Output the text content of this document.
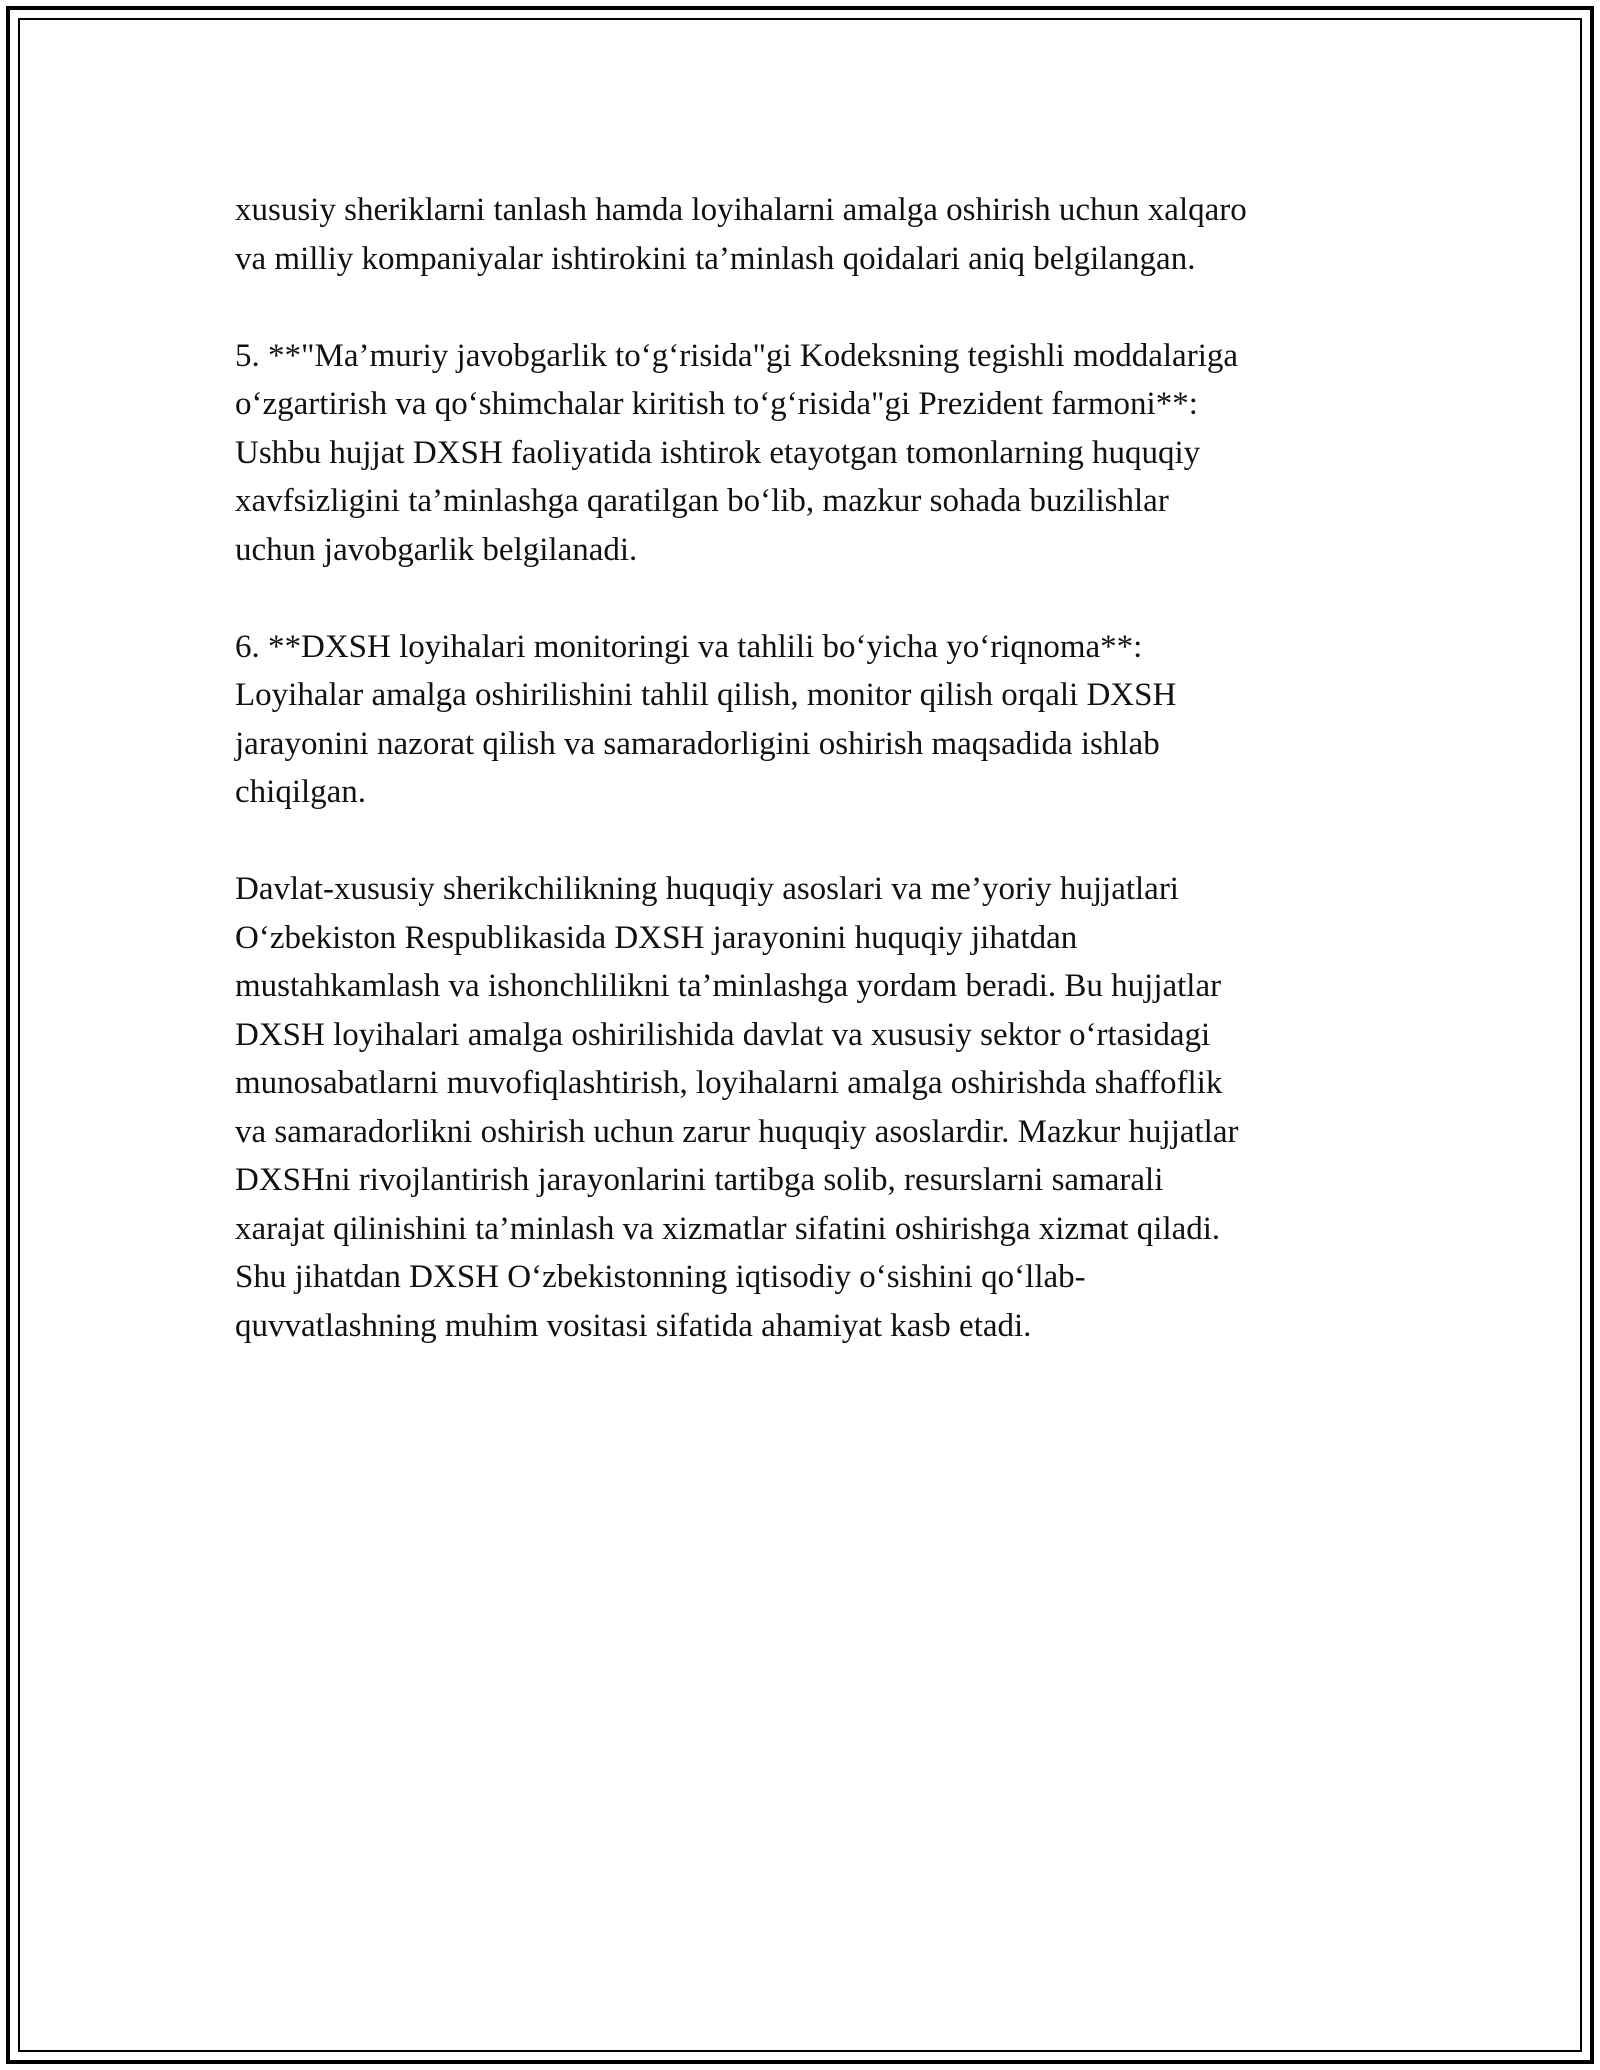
xususiy sheriklarni tanlash hamda loyihalarni amalga oshirish uchun xalqaro
va milliy kompaniyalar ishtirokini ta’minlash qoidalari aniq belgilangan.

5. **"Ma’muriy javobgarlik to‘g‘risida"gi Kodeksning tegishli moddalariga
o‘zgartirish va qo‘shimchalar kiritish to‘g‘risida"gi Prezident farmoni**:
Ushbu hujjat DXSH faoliyatida ishtirok etayotgan tomonlarning huquqiy
xavfsizligini ta’minlashga qaratilgan bo‘lib, mazkur sohada buzilishlar
uchun javobgarlik belgilanadi.

6. **DXSH loyihalari monitoringi va tahlili bo‘yicha yo‘riqnoma**:
Loyihalar amalga oshirilishini tahlil qilish, monitor qilish orqali DXSH
jarayonini nazorat qilish va samaradorligini oshirish maqsadida ishlab
chiqilgan.

Davlat-xususiy sherikchilikning huquqiy asoslari va me’yoriy hujjatlari
O‘zbekiston Respublikasida DXSH jarayonini huquqiy jihatdan
mustahkamlash va ishonchlilikni ta’minlashga yordam beradi. Bu hujjatlar
DXSH loyihalari amalga oshirilishida davlat va xususiy sektor o‘rtasidagi
munosabatlarni muvofiqlashtirish, loyihalarni amalga oshirishda shaffoflik
va samaradorlikni oshirish uchun zarur huquqiy asoslardir. Mazkur hujjatlar
DXSHni rivojlantirish jarayonlarini tartibga solib, resurslarni samarali
xarajat qilinishini ta’minlash va xizmatlar sifatini oshirishga xizmat qiladi.
Shu jihatdan DXSH O‘zbekistonning iqtisodiy o‘sishini qo‘llab-
quvvatlashning muhim vositasi sifatida ahamiyat kasb etadi.
